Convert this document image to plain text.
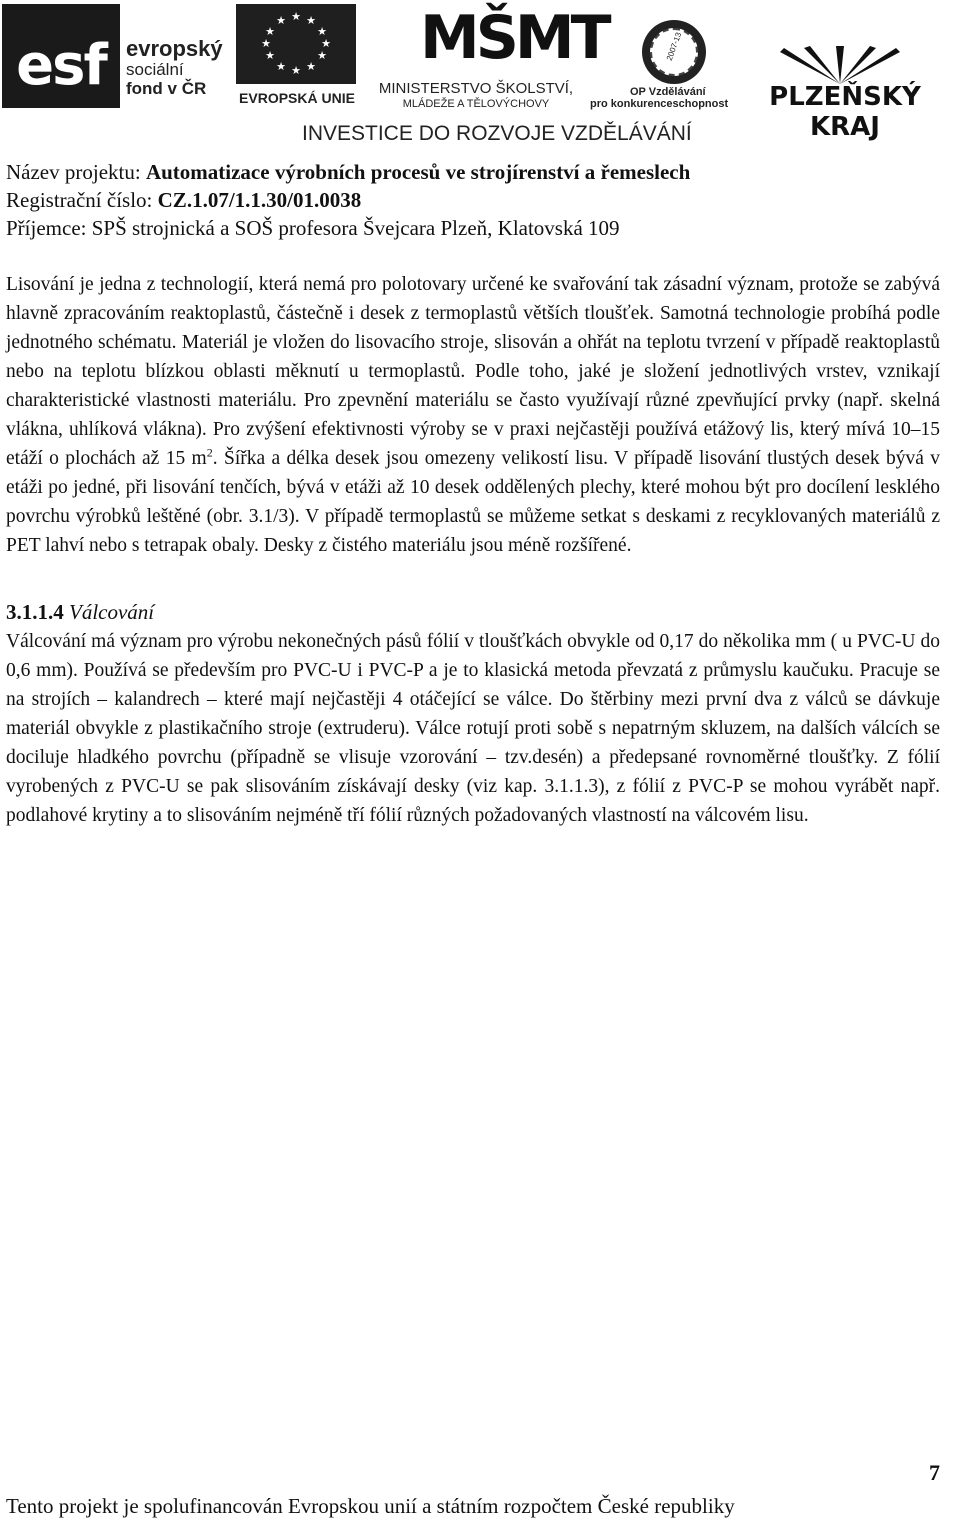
esf evropský
sociální
fond v ČR
★ ★
★
★
★
★
★
★
★
★
★
★
EVROPSKÁ UNIE
MŠMT
MINISTERSTVO ŠKOLSTVÍ,
MLÁDEŽE A TĚLOVÝCHOVY
2007-13
OP Vzdělávání
pro konkurenceschopnost	PLZEŇSKÝ KRAJ
INVESTICE DO ROZVOJE VZDĚLÁVÁNÍ
Název projektu: Automatizace výrobních procesů ve strojírenství a řemeslech
Registrační číslo: CZ.1.07/1.1.30/01.0038
Příjemce: SPŠ strojnická a SOŠ profesora Švejcara Plzeň, Klatovská 109

Lisování je jedna z technologií, která nemá pro polotovary určené ke svařování tak zásadní význam, protože se zabývá hlavně zpracováním reaktoplastů, částečně i desek z termoplastů větších tloušťek. Samotná technologie probíhá podle jednotného schématu. Materiál je vložen do lisovacího stroje, slisován a ohřát na teplotu tvrzení v případě reaktoplastů nebo na teplotu blízkou oblasti měknutí u termoplastů. Podle toho, jaké je složení jednotlivých vrstev, vznikají charakteristické vlastnosti materiálu. Pro zpevnění materiálu se často využívají různé zpevňující prvky (např. skelná vlákna, uhlíková vlákna). Pro zvýšení efektivnosti výroby se v praxi nejčastěji používá etážový lis, který mívá 10–15 etáží o plochách až 15 $m^2$. Šířka a délka desek jsou omezeny velikostí lisu. V případě lisování tlustých desek bývá v etáži po jedné, při lisování tenčích, bývá v etáži až 10 desek oddělených plechy, které mohou být pro docílení lesklého povrchu výrobků leštěné (obr. 3.1/3). V případě termoplastů se můžeme setkat s deskami z recyklovaných materiálů z PET lahví nebo s tetrapak obaly. Desky z čistého materiálu jsou méně rozšířené.

3.1.1.4 Válcování

Válcování má význam pro výrobu nekonečných pásů fólií v tloušťkách obvykle od 0,17 do několika mm ( u PVC-U do 0,6 mm). Používá se především pro PVC-U i PVC-P a je to klasická metoda převzatá z průmyslu kaučuku. Pracuje se na strojích – kalandrech – které mají nejčastěji 4 otáčející se válce. Do štěrbiny mezi první dva z válců se dávkuje materiál obvykle z plastikačního stroje (extruderu). Válce rotují proti sobě s nepatrným skluzem, na dalších válcích se dociluje hladkého povrchu (případně se vlisuje vzorování – tzv.desén) a předepsané rovnoměrné tloušťky. Z fólií vyrobených z PVC-U se pak slisováním získávají desky (viz kap. 3.1.1.3), z fólií z PVC-P se mohou vyrábět např. podlahové krytiny a to slisováním nejméně tří fólií různých požadovaných vlastností na válcovém lisu.

7
Tento projekt je spolufinancován Evropskou unií a státním rozpočtem České republiky
